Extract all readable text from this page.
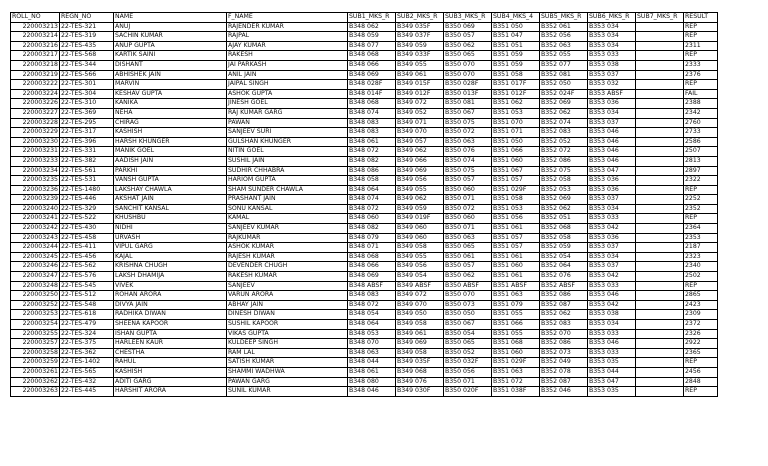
ROLL_NO	REGN_NO	NAME	F_NAME	SUB1_MKS_R	SUB2_MKS_R	SUB3_MKS_R	SUB4_MKS_4	SUB5_MKS_R	SUB6_MKS_R	SUB7_MKS_R	RESULT
220003213	22-TES-321	ANUJ	RAJENDER KUMAR	B348 062	B349 035F	B350 069	B351 050	B352 061	B353 034		REP
220003214	22-TES-319	SACHIN KUMAR	RAJPAL	B348 059	B349 037F	B350 057	B351 047	B352 056	B353 034		REP
220003216	22-TES-435	ANUP GUPTA	AJAY KUMAR	B348 077	B349 059	B350 062	B351 051	B352 063	B353 034		2311
220003217	22-TES-568	KARTIK SAINI	RAKESH	B348 068	B349 033F	B350 065	B351 059	B352 055	B353 033		REP
220003218	22-TES-344	DISHANT	JAI PARKASH	B348 066	B349 055	B350 070	B351 059	B352 077	B353 038		2333
220003219	22-TES-566	ABHISHEK JAIN	ANIL JAIN	B348 069	B349 061	B350 070	B351 058	B352 081	B353 037		2376
220003222	22-TES-301	MARVIN	JAIPAL SINGH	B348 028F	B349 015F	B350 028F	B351 017F	B352 050	B353 032		REP
220003224	22-TES-304	KESHAV GUPTA	ASHOK GUPTA	B348 014F	B349 012F	B350 013F	B351 012F	B352 024F	B353 ABSF		FAIL
220003226	22-TES-310	KANIKA	JINESH GOEL	B348 068	B349 072	B350 081	B351 062	B352 069	B353 036		2388
220003227	22-TES-369	NEHA	RAJ KUMAR GARG	B348 074	B349 052	B350 067	B351 053	B352 062	B353 034		2342
220003228	22-TES-295	CHIRAG	PAWAN	B348 083	B349 071	B350 075	B351 070	B352 074	B353 037		2760
220003229	22-TES-317	KASHISH	SANJEEV SURI	B348 083	B349 070	B350 072	B351 071	B352 083	B353 046		2733
220003230	22-TES-396	HARSH KHUNGER	GULSHAN KHUNGER	B348 061	B349 057	B350 063	B351 050	B352 052	B353 046		2586
220003231	22-TES-331	MANIK GOEL	NITIN GOEL	B348 072	B349 062	B350 076	B351 066	B352 072	B353 046		2507
220003233	22-TES-382	AADISH JAIN	SUSHIL JAIN	B348 082	B349 066	B350 074	B351 060	B352 086	B353 046		2813
220003234	22-TES-561	PARKHI	SUDHIR CHHABRA	B348 086	B349 069	B350 075	B351 067	B352 075	B353 047		2897
220003235	22-TES-531	VANSH GUPTA	HARIOM GUPTA	B348 058	B349 056	B350 057	B351 057	B352 058	B353 036		2322
220003236	22-TES-1480	LAKSHAY CHAWLA	SHAM SUNDER CHAWLA	B348 064	B349 055	B350 060	B351 029F	B352 053	B353 036		REP
220003239	22-TES-446	AKSHAT JAIN	PRASHANT JAIN	B348 074	B349 062	B350 071	B351 058	B352 069	B353 037		2252
220003240	22-TES-329	SANCHIT KANSAL	SONU KANSAL	B348 072	B349 059	B350 072	B351 053	B352 062	B353 034		2352
220003241	22-TES-522	KHUSHBU	KAMAL	B348 060	B349 019F	B350 060	B351 056	B352 051	B353 033		REP
220003242	22-TES-430	NIDHI	SANJEEV KUMAR	B348 082	B349 060	B350 071	B351 061	B352 068	B353 042		2364
220003243	22-TES-458	URVASH	RAJKUMAR	B348 079	B349 060	B350 063	B351 057	B352 058	B353 036		2353
220003244	22-TES-411	VIPUL GARG	ASHOK KUMAR	B348 071	B349 058	B350 065	B351 057	B352 059	B353 037		2187
220003245	22-TES-456	KAJAL	RAJESH KUMAR	B348 068	B349 055	B350 061	B351 061	B352 054	B353 034		2323
220003246	22-TES-562	KRISHNA CHUGH	DEVENDER CHUGH	B348 066	B349 056	B350 057	B351 060	B352 064	B353 037		2340
220003247	22-TES-576	LAKSH DHAMIJA	RAKESH KUMAR	B348 069	B349 054	B350 062	B351 061	B352 076	B353 042		2502
220003248	22-TES-545	VIVEK	SANJEEV	B348 ABSF	B349 ABSF	B350 ABSF	B351 ABSF	B352 ABSF	B353 033		REP
220003250	22-TES-512	ROHAN ARORA	VARUN ARORA	B348 083	B349 072	B350 070	B351 063	B352 086	B353 046		2865
220003252	22-TES-548	DIVYA JAIN	ABHAY JAIN	B348 072	B349 070	B350 073	B351 079	B352 087	B353 042		2423
220003253	22-TES-618	RADHIKA DIWAN	DINESH DIWAN	B348 054	B349 050	B350 050	B351 055	B352 062	B353 038		2309
220003254	22-TES-479	SHEENA KAPOOR	SUSHIL KAPOOR	B348 064	B349 058	B350 067	B351 066	B352 083	B353 034		2372
220003255	22-TES-324	ISHAN GUPTA	VIKAS GUPTA	B348 053	B349 061	B350 054	B351 055	B352 070	B353 033		2326
220003257	22-TES-375	HARLEEN KAUR	KULDEEP SINGH	B348 070	B349 069	B350 065	B351 068	B352 086	B353 046		2922
220003258	22-TES-362	CHESTHA	RAM LAL	B348 063	B349 058	B350 052	B351 060	B352 073	B353 033		2365
220003259	22-TES-1402	RAHUL	SATISH KUMAR	B348 044	B349 035F	B350 032F	B351 029F	B352 049	B353 035		REP
220003261	22-TES-565	KASHISH	SHAMMI WADHWA	B348 061	B349 068	B350 056	B351 063	B352 078	B353 044		2456
220003262	22-TES-432	ADITI GARG	PAWAN GARG	B348 080	B349 076	B350 071	B351 072	B352 087	B353 047		2848
220003263	22-TES-445	HARSHIT ARORA	SUNIL KUMAR	B348 046	B349 030F	B350 020F	B351 038F	B352 046	B353 035		REP
